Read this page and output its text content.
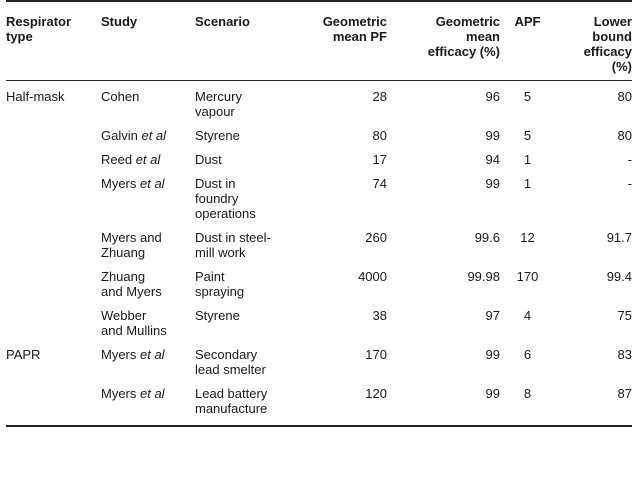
Respirator
type	Study	Scenario	Geometric
mean PF	Geometric
mean
efficacy (%)	APF	Lower
bound
efficacy
(%)
Half-mask	Cohen	Mercury
vapour	28	96	5	80
	Galvin et al	Styrene	80	99	5	80
	Reed et al	Dust	17	94	1	-
	Myers et al	Dust in
foundry
operations	74	99	1	-
	Myers and
Zhuang	Dust in steel-
mill work	260	99.6	12	91.7
	Zhuang
and Myers	Paint
spraying	4000	99.98	170	99.4
	Webber
and Mullins	Styrene	38	97	4	75
PAPR	Myers et al	Secondary
lead smelter	170	99	6	83
	Myers et al	Lead battery
manufacture	120	99	8	87
